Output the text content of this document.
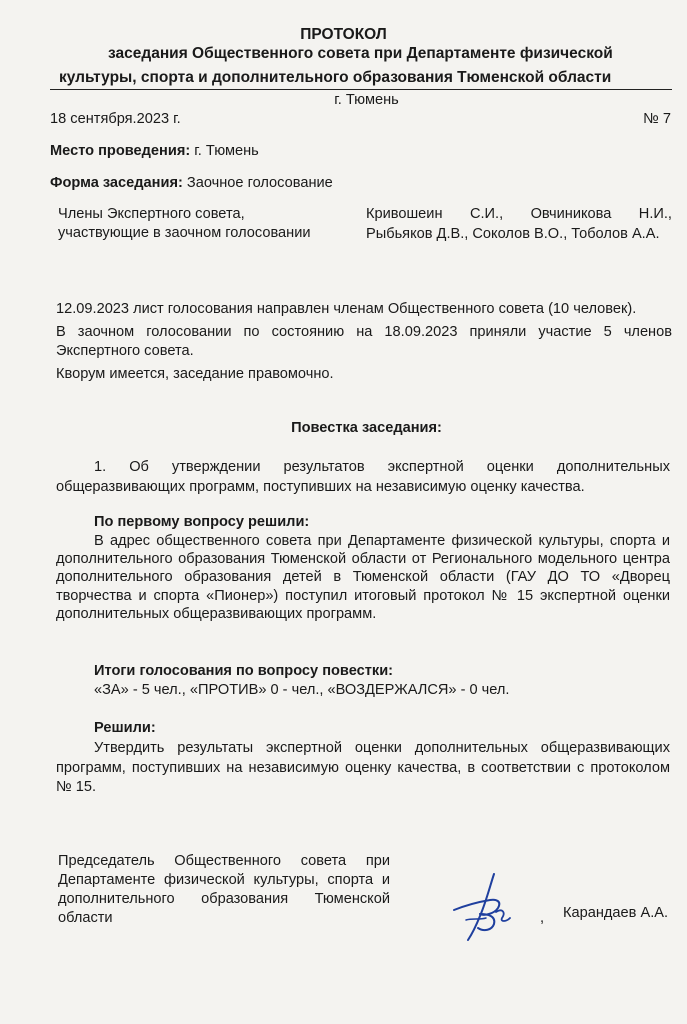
ПРОТОКОЛ
заседания Общественного совета при Департаменте физической
культуры, спорта и дополнительного образования Тюменской области
г. Тюмень
18 сентября.2023 г.	№ 7
Место проведения: г. Тюмень
Форма заседания: Заочное голосование
Члены Экспертного совета,
участвующие в заочном голосовании
Кривошеин С.И., Овчиникова Н.И., Рыбьяков Д.В., Соколов В.О., Тоболов А.А.

12.09.2023 лист голосования направлен членам Общественного совета (10 человек).

В заочном голосовании по состоянию на 18.09.2023 приняли участие 5 членов Экспертного совета.

Кворум имеется, заседание правомочно.

Повестка заседания:
1. Об утверждении результатов экспертной оценки дополнительных общеразвивающих программ, поступивших на независимую оценку качества.
По первому вопросу решили:
В адрес общественного совета при Департаменте физической культуры, спорта и дополнительного образования Тюменской области от Регионального модельного центра дополнительного образования детей в Тюменской области (ГАУ ДО ТО «Дворец творчества и спорта «Пионер») поступил итоговый протокол № 15 экспертной оценки дополнительных общеразвивающих программ.
Итоги голосования по вопросу повестки:
«ЗА» - 5 чел., «ПРОТИВ» 0 - чел., «ВОЗДЕРЖАЛСЯ» - 0 чел.
Решили:
Утвердить результаты экспертной оценки дополнительных общеразвивающих программ, поступивших на независимую оценку качества, в соответствии с протоколом № 15.
Председатель Общественного совета при Департаменте физической культуры, спорта и дополнительного образования Тюменской области	, Карандаев А.А.
